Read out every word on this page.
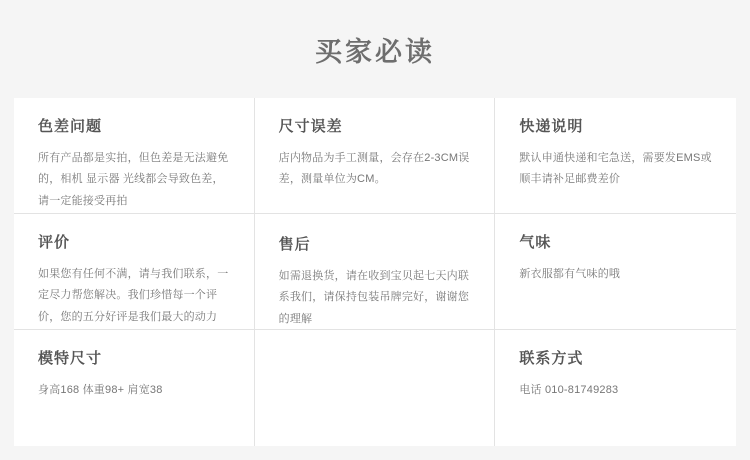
买家必读
色差问题

所有产品都是实拍，但色差是无法避免的，相机 显示器 光线都会导致色差，请一定能接受再拍

尺寸误差

店内物品为手工测量，会存在2-3CM误差，测量单位为CM。

快递说明

默认申通快递和宅急送，需要发EMS或顺丰请补足邮费差价

评价

如果您有任何不满，请与我们联系，一定尽力帮您解决。我们珍惜每一个评价，您的五分好评是我们最大的动力

售后

如需退换货，请在收到宝贝起七天内联系我们，请保持包装吊牌完好，谢谢您的理解

气味

新衣服都有气味的哦

模特尺寸

身高168 体重98+ 肩宽38

联系方式

电话 010-81749283
